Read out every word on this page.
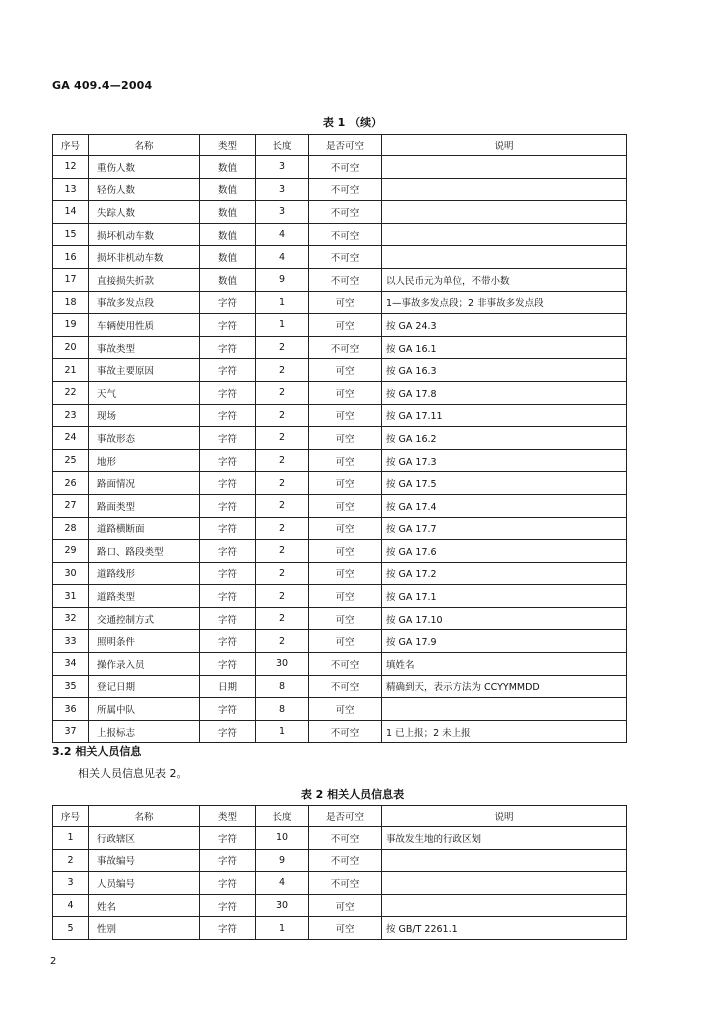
GA 409.4—2004
表 1 （续）
序号	名称	类型	长度	是否可空	说明
12	重伤人数	数值	3	不可空	
13	轻伤人数	数值	3	不可空	
14	失踪人数	数值	3	不可空	
15	损坏机动车数	数值	4	不可空	
16	损坏非机动车数	数值	4	不可空	
17	直接损失折款	数值	9	不可空	以人民币元为单位，不带小数
18	事故多发点段	字符	1	可空	1—事故多发点段；2 非事故多发点段
19	车辆使用性质	字符	1	可空	按 GA 24.3
20	事故类型	字符	2	不可空	按 GA 16.1
21	事故主要原因	字符	2	可空	按 GA 16.3
22	天气	字符	2	可空	按 GA 17.8
23	现场	字符	2	可空	按 GA 17.11
24	事故形态	字符	2	可空	按 GA 16.2
25	地形	字符	2	可空	按 GA 17.3
26	路面情况	字符	2	可空	按 GA 17.5
27	路面类型	字符	2	可空	按 GA 17.4
28	道路横断面	字符	2	可空	按 GA 17.7
29	路口、路段类型	字符	2	可空	按 GA 17.6
30	道路线形	字符	2	可空	按 GA 17.2
31	道路类型	字符	2	可空	按 GA 17.1
32	交通控制方式	字符	2	可空	按 GA 17.10
33	照明条件	字符	2	可空	按 GA 17.9
34	操作录入员	字符	30	不可空	填姓名
35	登记日期	日期	8	不可空	精确到天，表示方法为 CCYYMMDD
36	所属中队	字符	8	可空	
37	上报标志	字符	1	不可空	1 已上报；2 未上报
3.2 相关人员信息
相关人员信息见表 2。
表 2 相关人员信息表
序号	名称	类型	长度	是否可空	说明
1	行政辖区	字符	10	不可空	事故发生地的行政区划
2	事故编号	字符	9	不可空	
3	人员编号	字符	4	不可空	
4	姓名	字符	30	可空	
5	性别	字符	1	可空	按 GB/T 2261.1
2
